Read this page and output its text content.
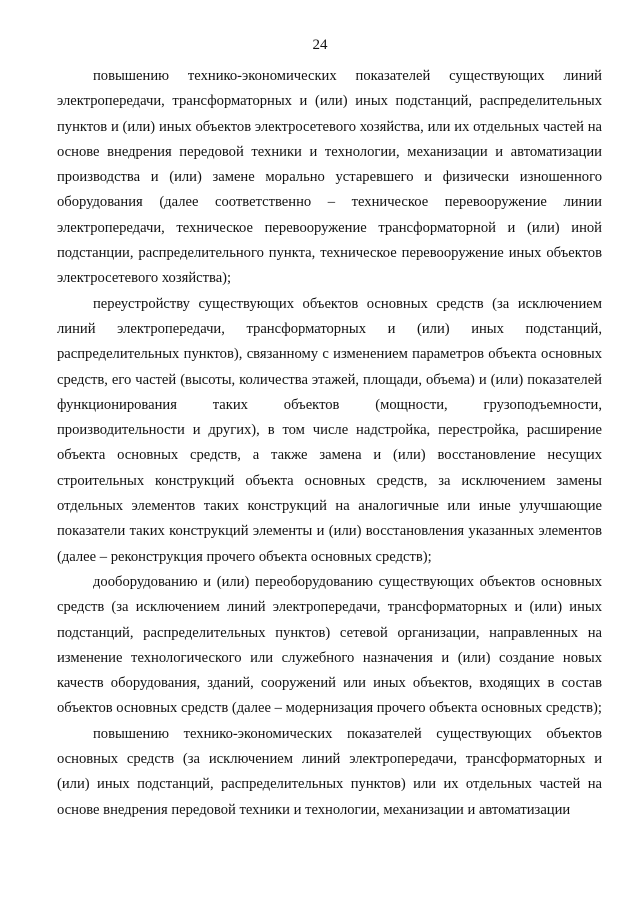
24

повышению технико-экономических показателей существующих линий электропередачи, трансформаторных и (или) иных подстанций, распределительных пунктов и (или) иных объектов электросетевого хозяйства, или их отдельных частей на основе внедрения передовой техники и технологии, механизации и автоматизации производства и (или) замене морально устаревшего и физически изношенного оборудования (далее соответственно – техническое перевооружение линии электропередачи, техническое перевооружение трансформаторной и (или) иной подстанции, распределительного пункта, техническое перевооружение иных объектов электросетевого хозяйства);

переустройству существующих объектов основных средств (за исключением линий электропередачи, трансформаторных и (или) иных подстанций, распределительных пунктов), связанному с изменением параметров объекта основных средств, его частей (высоты, количества этажей, площади, объема) и (или) показателей функционирования таких объектов (мощности, грузоподъемности, производительности и других), в том числе надстройка, перестройка, расширение объекта основных средств, а также замена и (или) восстановление несущих строительных конструкций объекта основных средств, за исключением замены отдельных элементов таких конструкций на аналогичные или иные улучшающие показатели таких конструкций элементы и (или) восстановления указанных элементов (далее – реконструкция прочего объекта основных средств);

дооборудованию и (или) переоборудованию существующих объектов основных средств (за исключением линий электропередачи, трансформаторных и (или) иных подстанций, распределительных пунктов) сетевой организации, направленных на изменение технологического или служебного назначения и (или) создание новых качеств оборудования, зданий, сооружений или иных объектов, входящих в состав объектов основных средств (далее – модернизация прочего объекта основных средств);

повышению технико-экономических показателей существующих объектов основных средств (за исключением линий электропередачи, трансформаторных и (или) иных подстанций, распределительных пунктов) или их отдельных частей на основе внедрения передовой техники и технологии, механизации и автоматизации
